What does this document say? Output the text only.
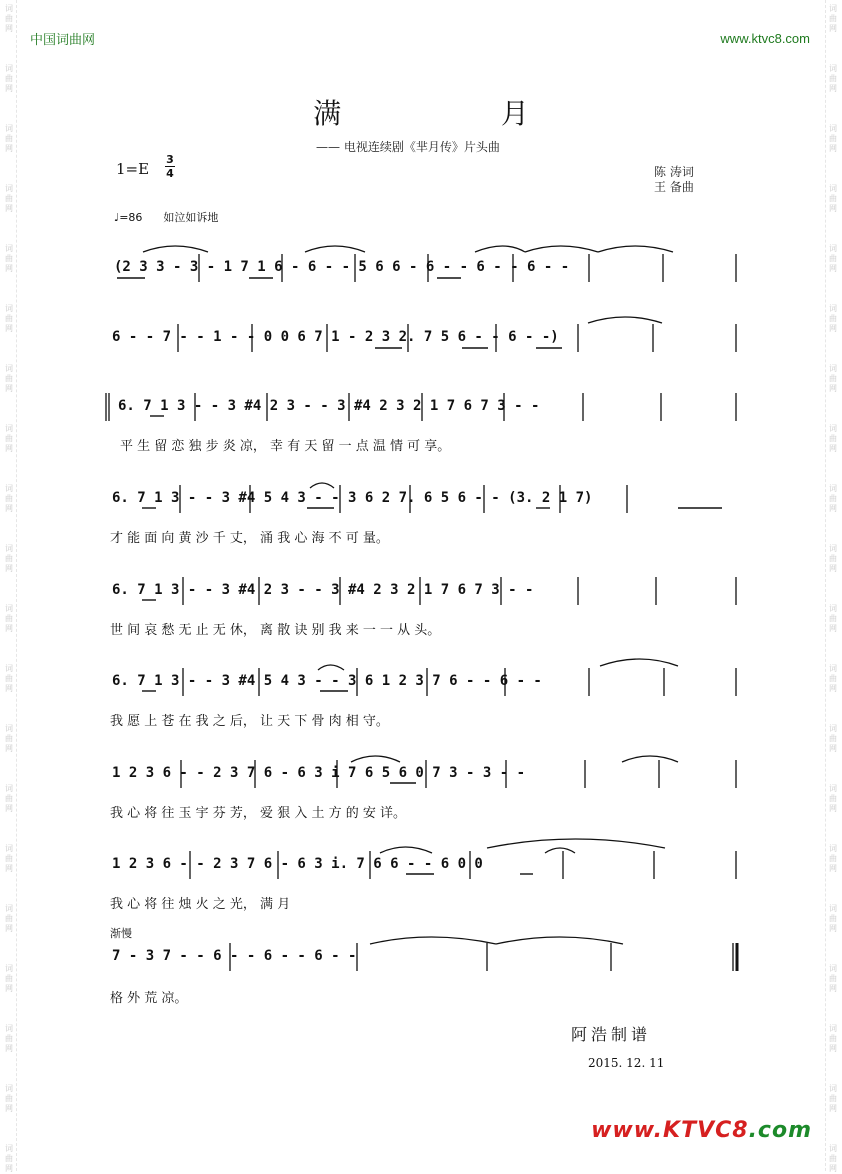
词
曲
网
词
曲
网
词
曲
网
词
曲
网
词
曲
网
词
曲
网
词
曲
网
词
曲
网
词
曲
网
词
曲
网
词
曲
网
词
曲
网
词
曲
网
词
曲
网
词
曲
网
词
曲
网
词
曲
网
词
曲
网
词
曲
网
词
曲
网
词
曲
网
词
曲
网
词
曲
网
词
曲
网
词
曲
网
词
曲
网
词
曲
网
词
曲
网
词
曲
网
词
曲
网
词
曲
网
词
曲
网
词
曲
网
词
曲
网
词
曲
网
词
曲
网
词
曲
网
词
曲
网
词
曲
网
词
曲
网
中国词曲网	www.ktvc8.com
满	月
—— 电视连续剧《芈月传》片头曲
1=E
3
4	陈 涛词
王 备曲
♩=86 如泣如诉地
(2 3 3 - 3 - 1 7 1 6 - 6 - - 5 6 6 - 6 - - 6 - - 6 - -
6 - - 7 - - 1 - - 0 0 6 7 1 - 2 3 2. 7 5 6 - - 6 - -)
6. 7 1 3 - - 3 #4 2 3 - - 3 #4 2 3 2 1 7 6 7 3 - -
平 生 留 恋 独 步 炎 凉， 幸 有 天 留 一 点 温 情 可 享。
6. 7 1 3 - - 3 #4 5 4 3 - - 3 6 2 7. 6 5 6 - - (3. 2 1 7)
才 能 面 向 黄 沙 千 丈， 涌 我 心 海 不 可 量。
6. 7 1 3 - - 3 #4 2 3 - - 3 #4 2 3 2 1 7 6 7 3 - -
世 间 哀 愁 无 止 无 休， 离 散 诀 别 我 来 一 一 从 头。
6. 7 1 3 - - 3 #4 5 4 3 - - 3 6 1 2 3 7 6 - - 6 - -
我 愿 上 苍 在 我 之 后， 让 天 下 骨 肉 相 守。
1 2 3 6 - - 2 3 7 6 - 6 3 i 7 6 5 6 0 7 3 - 3 - -
我 心 将 往 玉 宇 芬 芳， 爱 狠 入 土 方 的 安 详。
1 2 3 6 - - 2 3 7 6 - 6 3 i. 7 6 6 - - 6 0 0
我 心 将 往 烛 火 之 光， 满 月
渐慢
7 - 3 7 - - 6 - - 6 - - 6 - -
格 外 荒 凉。
阿浩制谱
2015. 12. 11
www.KTVC8.com
